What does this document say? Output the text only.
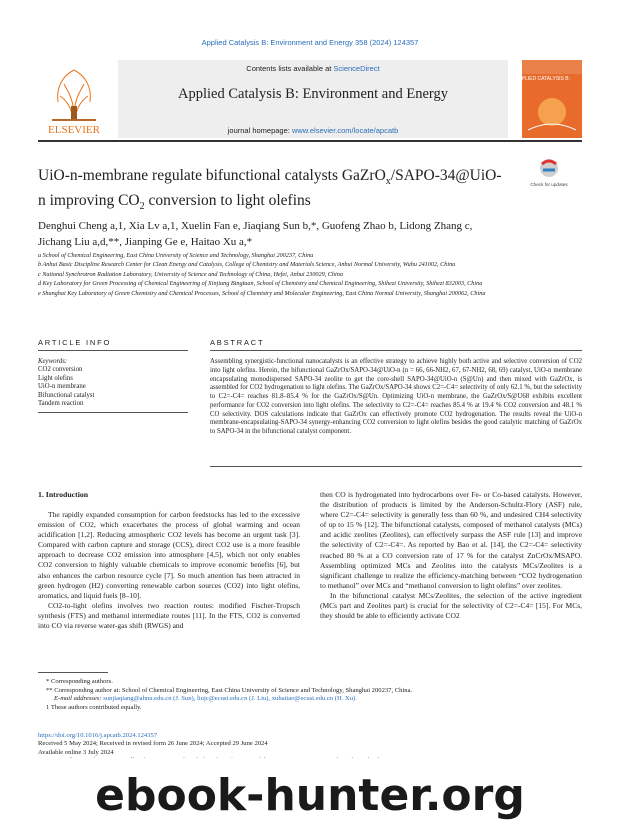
Applied Catalysis B: Environment and Energy 358 (2024) 124357
ELSEVIER
Contents lists available at ScienceDirect
Applied Catalysis B: Environment and Energy
journal homepage: www.elsevier.com/locate/apcatb
APPLIED CATALYSIS B:
UiO-n-membrane regulate bifunctional catalysts GaZrO$_x$/SAPO-34@UiO-n improving $CO_2$ conversion to light olefins
Check for updates
Denghui Cheng a,1, Xia Lv a,1, Xuelin Fan e, Jiaqiang Sun b,*, Guofeng Zhao b, Lidong Zhang c,
Jichang Liu a,d,**, Jianping Ge e, Haitao Xu a,*
a School of Chemical Engineering, East China University of Science and Technology, Shanghai 200237, China
b Anhui Basic Discipline Research Center for Clean Energy and Catalysis, College of Chemistry and Materials Science, Anhui Normal University, Wuhu 241002, China
c National Synchrotron Radiation Laboratory, University of Science and Technology of China, Hefei, Anhui 230029, China
d Key Laboratory for Green Processing of Chemical Engineering of Xinjiang Bingtuan, School of Chemistry and Chemical Engineering, Shihezi University, Shihezi 832003, China
e Shanghai Key Laboratory of Green Chemistry and Chemical Processes, School of Chemistry and Molecular Engineering, East China Normal University, Shanghai 200062, China
ARTICLE INFO	ABSTRACT
Keywords:
CO2 conversion
Light olefins
UiO-n membrane
Bifunctional catalyst
Tandem reaction
Assembling synergistic-functional nanocatalysts is an effective strategy to achieve highly both active and selective conversion of CO2 into light olefins. Herein, the bifunctional GaZrOx/SAPO-34@UiO-n (n = 66, 66-NH2, 67, 67-NH2, 68, 69) catalyst, UiO-n membrane encapsulating monodispersed SAPO-34 zeolite to get the core-shell SAPO-34@UiO-n (S@Un) and then mixed with GaZrOx, is assembled for CO2 hydrogenation to light olefins. The GaZrOx/SAPO-34 shows C2=-C4= selectivity of only 62.1 %, but the selectivity to C2=-C4= reaches 81.8–85.4 % for the GaZrOx/S@Un. Optimizing UiO-n membrane, the GaZrOx/S@U68 exhibits excellent performance for CO2 conversion into light olefins. The selectivity to C2=-C4= reaches 85.4 % at 19.4 % CO2 conversion and 48.1 % CO selectivity. DOS calculations indicate that GaZrOx can effectively promote CO2 hydrogenation. The results reveal the UiO-n membrane-encapsulating-SAPO-34 synergy-enhancing CO2 conversion to light olefins besides the good catalytic matching of GaZrOx to SAPO-34 in the bifunctional catalyst component.
1. Introduction

The rapidly expanded consumption for carbon feedstocks has led to the excessive emission of CO2, which exacerbates the process of global warming and ocean acidification [1,2]. Reducing atmospheric CO2 levels has become an urgent task [3]. Compared with carbon capture and storage (CCS), direct CO2 use is a more feasible approach to decrease CO2 emission into atmosphere [4,5], which not only enables CO2 conversion to highly valuable chemicals to improve economic benefits [6], but also enhances the carbon resource cycle [7]. So much attention has been attracted in green hydrogen (H2) converting renewable carbon sources (CO2) into light olefins, aromatics, and liquid fuels [8–10].

CO2-to-light olefins involves two reaction routes: modified Fischer-Tropsch synthesis (FTS) and methanol intermediate routes [11]. In the FTS, CO2 is converted into CO via reverse water-gas shift (RWGS) and

then CO is hydrogenated into hydrocarbons over Fe- or Co-based catalysts. However, the distribution of products is limited by the Anderson-Schultz-Flory (ASF) rule, where C2=-C4= selectivity is generally less than 60 %, and undesired CH4 selectivity of up to 15 % [12]. The bifunctional catalysts, composed of methanol catalysts (MCs) and acidic zeolites (Zeolites), can effectively surpass the ASF rule [13] and improve the selectivity of C2=-C4=. As reported by Bao et al. [14], the C2=-C4= selectivity reached 80 % at a CO conversion rate of 17 % for the catalyst ZnCrOx/MSAPO. Assembling optimized MCs and Zeolites into the catalysts MCs/Zeolites is a significant challenge to realize the efficiency-matching between “CO2 hydrogenation to methanol” over MCs and “methanol conversion to light olefins” over zeolites.

In the bifunctional catalyst MCs/Zeolites, the selection of the active ingredient (MCs part and Zeolites part) is crucial for the selectivity of C2=-C4= [15]. For MCs, they should be able to efficiently activate CO2

* Corresponding authors.
** Corresponding author at: School of Chemical Engineering, East China University of Science and Technology, Shanghai 200237, China.
E-mail addresses: sunjiaqiang@ahnu.edu.cn (J. Sun), liujc@ecust.edu.cn (J. Liu), xuhaitao@ecust.edu.cn (H. Xu).
1 These authors contributed equally.
https://doi.org/10.1016/j.apcatb.2024.124357
Received 5 May 2024; Received in revised form 26 June 2024; Accepted 29 June 2024
Available online 3 July 2024
ebook-hunter.org
